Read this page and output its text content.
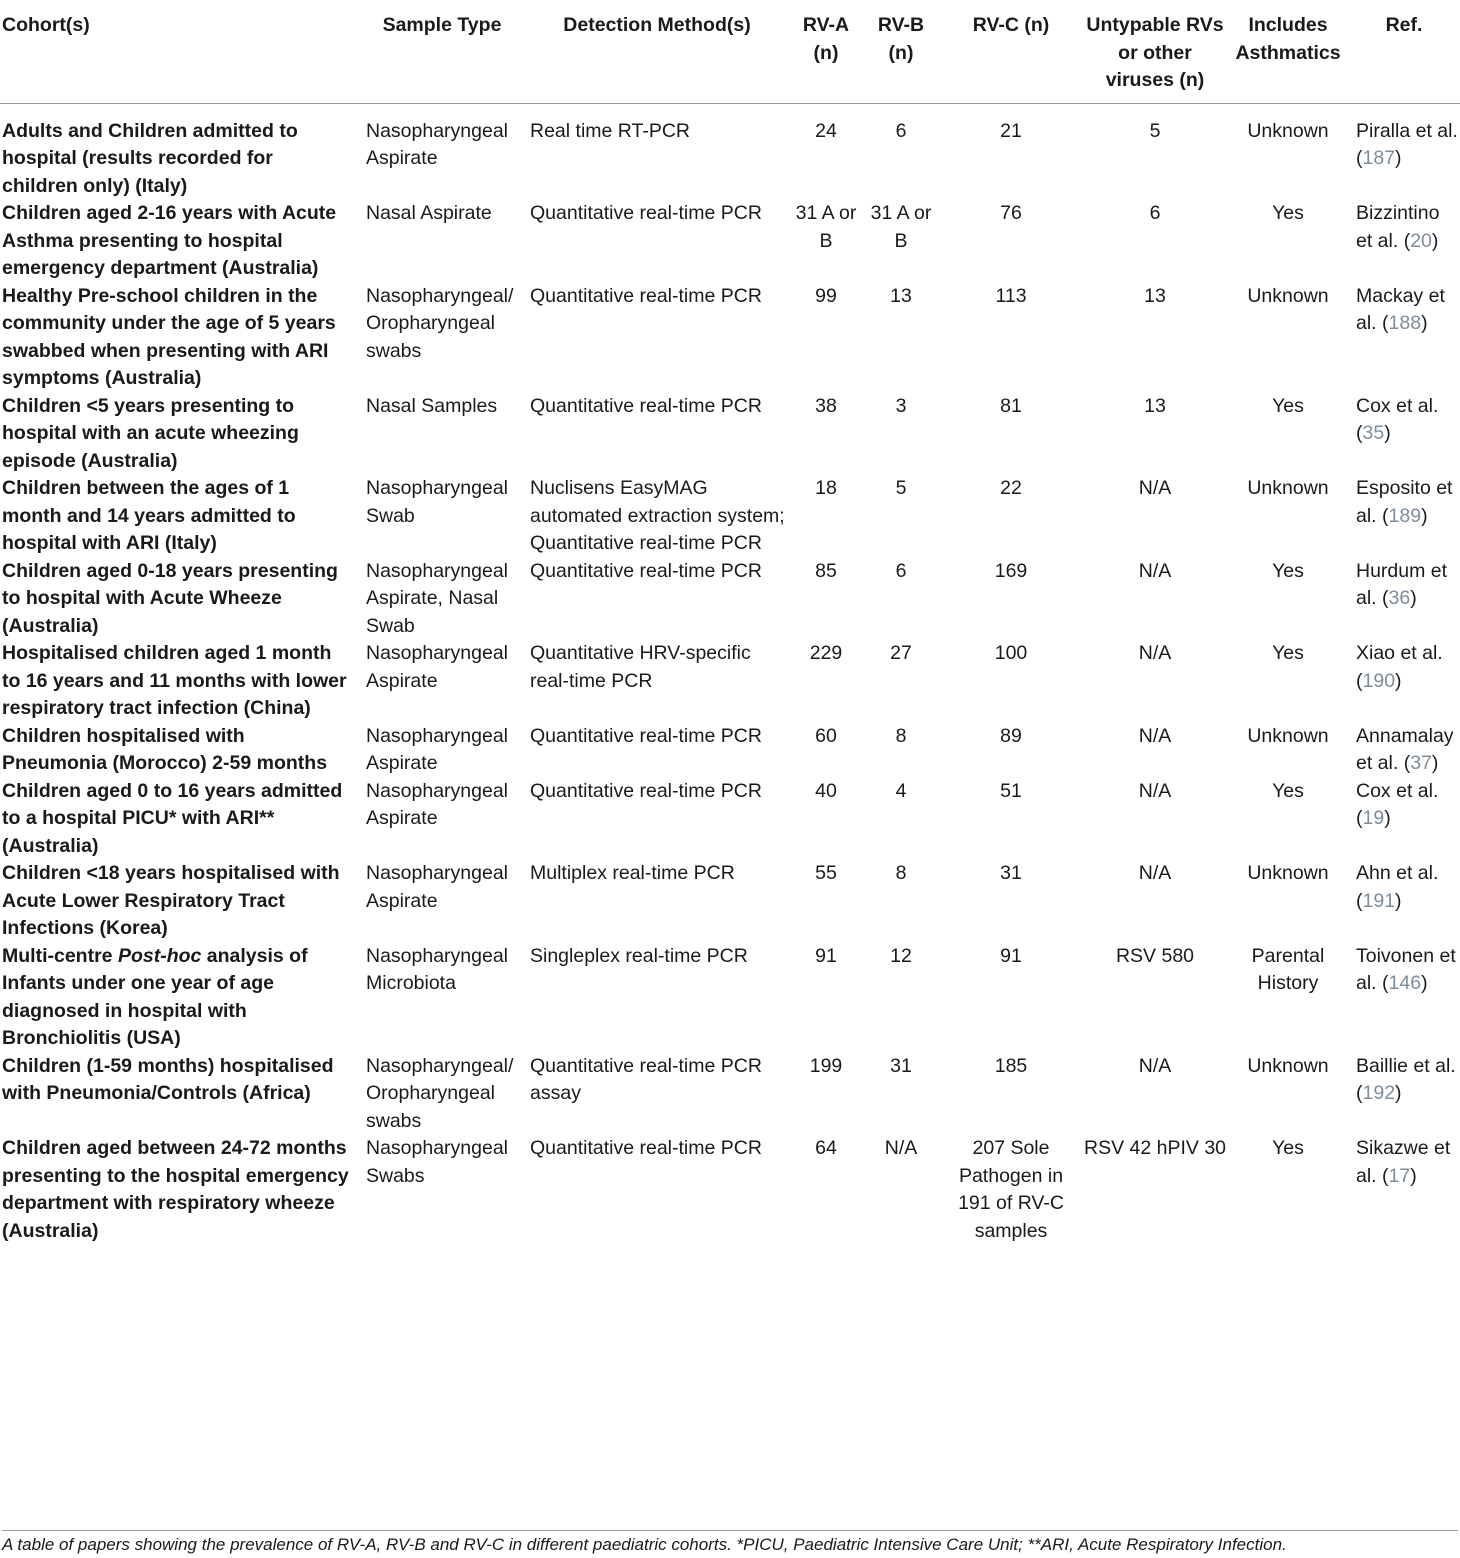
Cohort(s)	Sample Type	Detection Method(s)	RV-A (n)	RV-B (n)	RV-C (n)	Untypable RVs or other viruses (n)	Includes Asthmatics	Ref.
Adults and Children admitted to hospital (results recorded for children only) (Italy)	Nasopharyngeal Aspirate	Real time RT-PCR	24	6	21	5	Unknown	Piralla et al. (187)
Children aged 2-16 years with Acute Asthma presenting to hospital emergency department (Australia)	Nasal Aspirate	Quantitative real-time PCR	31 A or B	31 A or B	76	6	Yes	Bizzintino et al. (20)
Healthy Pre-school children in the community under the age of 5 years swabbed when presenting with ARI symptoms (Australia)	Nasopharyngeal/ Oropharyngeal swabs	Quantitative real-time PCR	99	13	113	13	Unknown	Mackay et al. (188)
Children <5 years presenting to hospital with an acute wheezing episode (Australia)	Nasal Samples	Quantitative real-time PCR	38	3	81	13	Yes	Cox et al. (35)
Children between the ages of 1 month and 14 years admitted to hospital with ARI (Italy)	Nasopharyngeal Swab	Nuclisens EasyMAG automated extraction system; Quantitative real-time PCR	18	5	22	N/A	Unknown	Esposito et al. (189)
Children aged 0-18 years presenting to hospital with Acute Wheeze (Australia)	Nasopharyngeal Aspirate, Nasal Swab	Quantitative real-time PCR	85	6	169	N/A	Yes	Hurdum et al. (36)
Hospitalised children aged 1 month to 16 years and 11 months with lower respiratory tract infection (China)	Nasopharyngeal Aspirate	Quantitative HRV-specific real-time PCR	229	27	100	N/A	Yes	Xiao et al. (190)
Children hospitalised with Pneumonia (Morocco) 2-59 months	Nasopharyngeal Aspirate	Quantitative real-time PCR	60	8	89	N/A	Unknown	Annamalay et al. (37)
Children aged 0 to 16 years admitted to a hospital PICU* with ARI** (Australia)	Nasopharyngeal Aspirate	Quantitative real-time PCR	40	4	51	N/A	Yes	Cox et al. (19)
Children <18 years hospitalised with Acute Lower Respiratory Tract Infections (Korea)	Nasopharyngeal Aspirate	Multiplex real-time PCR	55	8	31	N/A	Unknown	Ahn et al. (191)
Multi-centre Post-hoc analysis of Infants under one year of age diagnosed in hospital with Bronchiolitis (USA)	Nasopharyngeal Microbiota	Singleplex real-time PCR	91	12	91	RSV 580	Parental History	Toivonen et al. (146)
Children (1-59 months) hospitalised with Pneumonia/Controls (Africa)	Nasopharyngeal/ Oropharyngeal swabs	Quantitative real-time PCR assay	199	31	185	N/A	Unknown	Baillie et al. (192)
Children aged between 24-72 months presenting to the hospital emergency department with respiratory wheeze (Australia)	Nasopharyngeal Swabs	Quantitative real-time PCR	64	N/A	207 Sole Pathogen in 191 of RV-C samples	RSV 42 hPIV 30	Yes	Sikazwe et al. (17)
A table of papers showing the prevalence of RV-A, RV-B and RV-C in different paediatric cohorts. *PICU, Paediatric Intensive Care Unit; **ARI, Acute Respiratory Infection.
